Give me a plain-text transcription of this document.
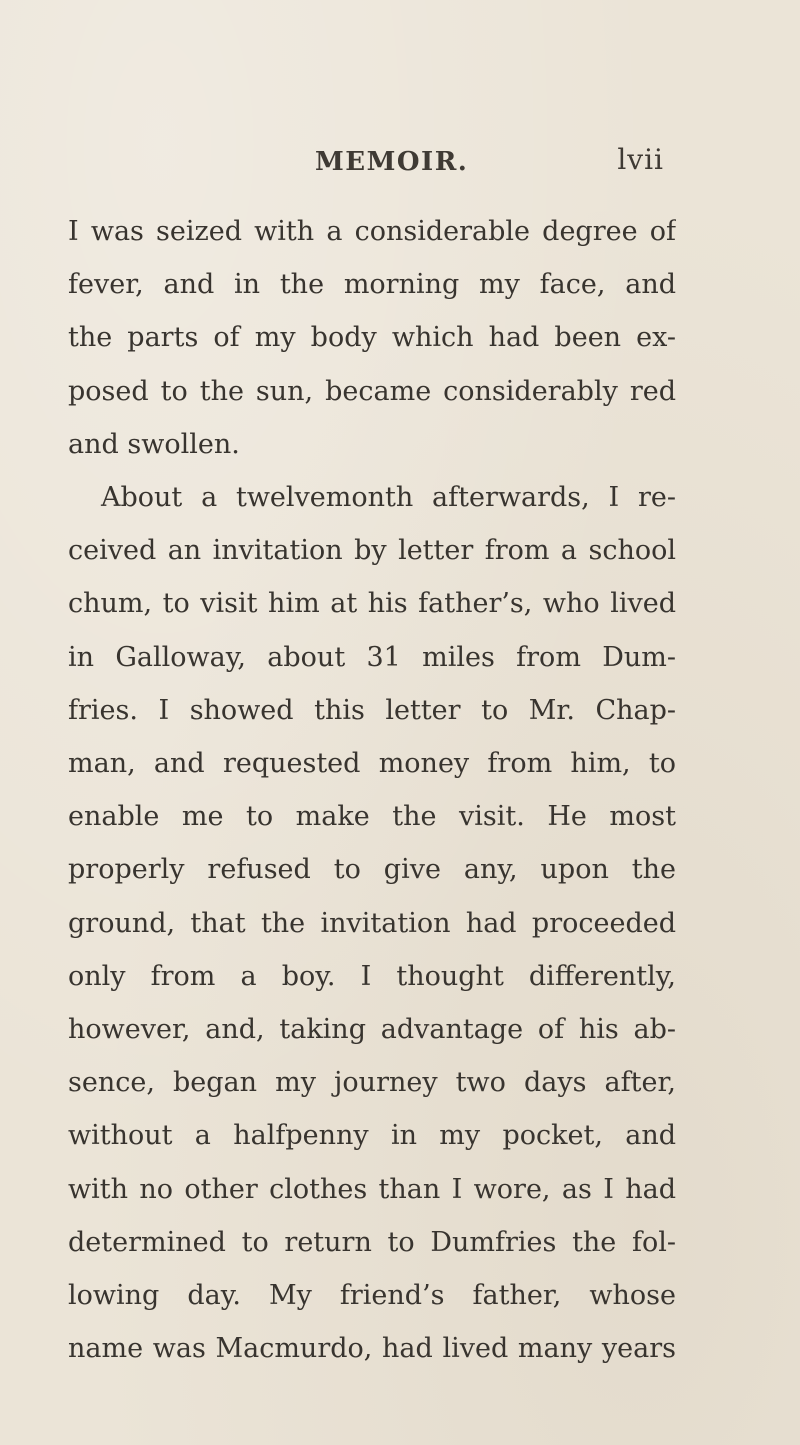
MEMOIR.	lvii
I was seized with a considerable degree of
fever, and in the morning my face, and
the parts of my body which had been ex-
posed to the sun, became considerably red
and swollen.
About a twelvemonth afterwards, I re-
ceived an invitation by letter from a school
chum, to visit him at his father’s, who lived
in Galloway, about 31 miles from Dum-
fries. I showed this letter to Mr. Chap-
man, and requested money from him, to
enable me to make the visit. He most
properly refused to give any, upon the
ground, that the invitation had proceeded
only from a boy. I thought differently,
however, and, taking advantage of his ab-
sence, began my journey two days after,
without a halfpenny in my pocket, and
with no other clothes than I wore, as I had
determined to return to Dumfries the fol-
lowing day. My friend’s father, whose
name was Macmurdo, had lived many years
